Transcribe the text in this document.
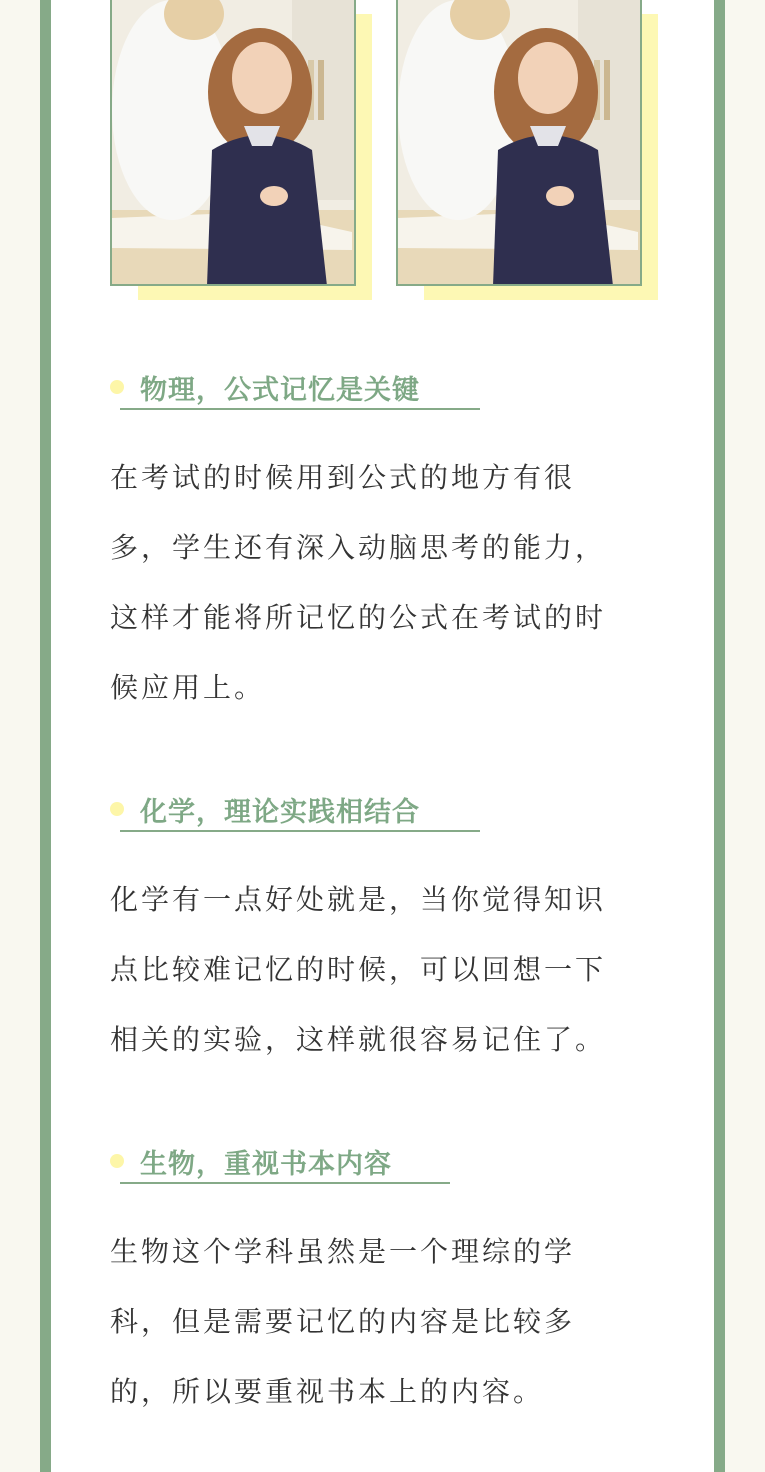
物理，公式记忆是关键
在考试的时候用到公式的地方有很多，学生还有深入动脑思考的能力，这样才能将所记忆的公式在考试的时候应用上。
化学，理论实践相结合
化学有一点好处就是，当你觉得知识点比较难记忆的时候，可以回想一下相关的实验，这样就很容易记住了。
生物，重视书本内容
生物这个学科虽然是一个理综的学科，但是需要记忆的内容是比较多的，所以要重视书本上的内容。
